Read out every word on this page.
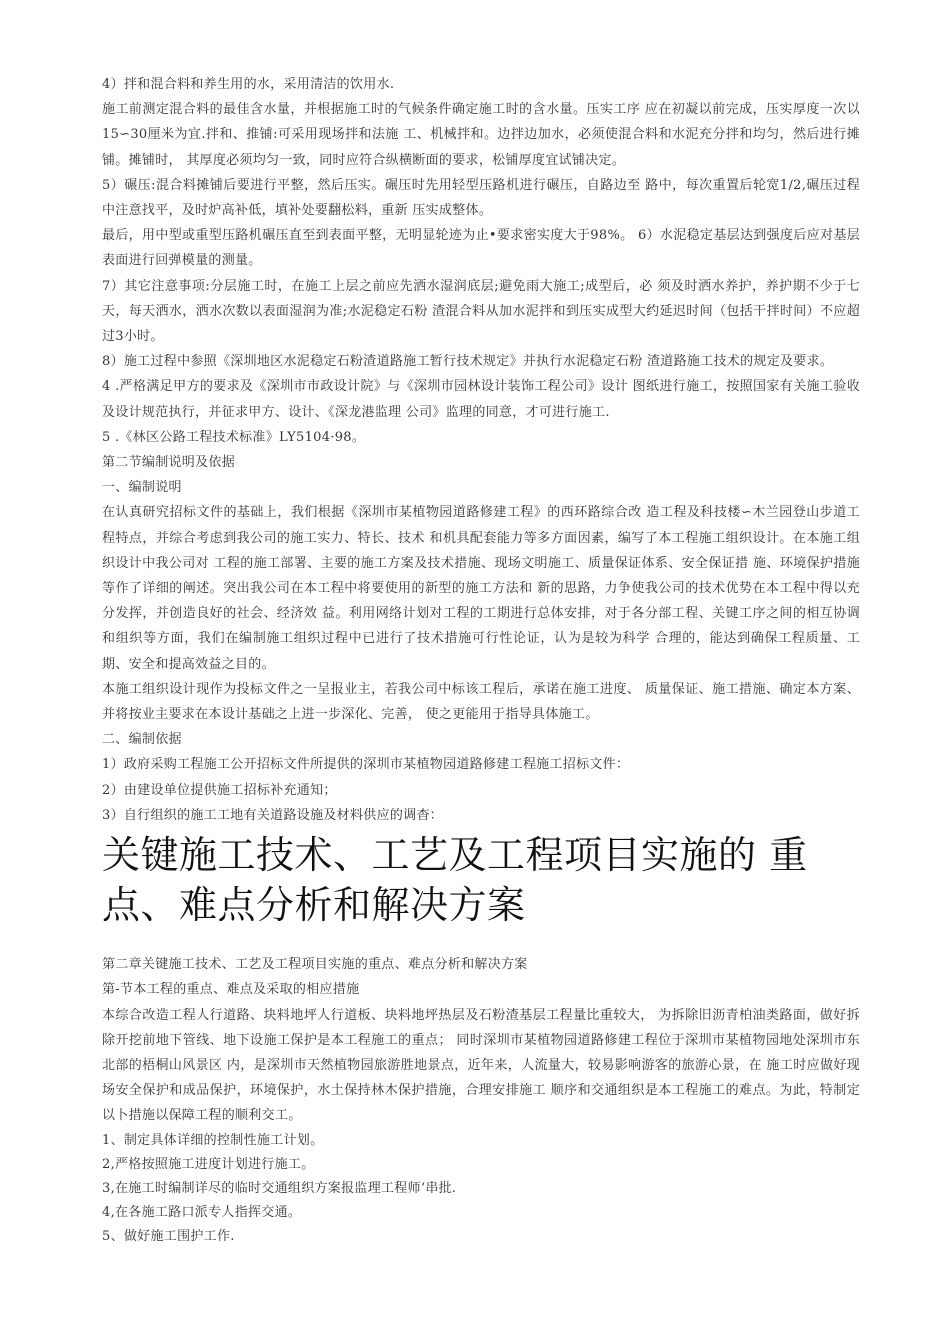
4）拌和混合料和养生用的水，采用清洁的饮用水.

施工前测定混合料的最佳含水量，并根据施工时的气候条件确定施工时的含水量。压实工序 应在初凝以前完成，压实厚度一次以15∽30厘米为宜.拌和、推铺:可采用现场拌和法施 工、机械拌和。边拌边加水，必须使混合料和水泥充分拌和均匀，然后进行摊铺。摊铺时， 其厚度必须均匀一致，同时应符合纵横断面的要求，松铺厚度宜试铺决定。

5）碾压:混合料摊铺后要进行平整，然后压实。碾压时先用轻型压路机进行碾压，自路边至 路中，每次重置后轮宽1/2,碾压过程中注意找平，及时炉高补低，填补处要翻松料，重新 压实成整体。

最后，用中型或重型压路机碾压直至到表面平整，无明显轮迹为止•要求密实度大于98%。 6）水泥稳定基层达到强度后应对基层表面进行回弹模量的测量。

7）其它注意事项:分层施工时，在施工上层之前应先洒水湿润底层;避免雨大施工;成型后，必 须及时洒水养护，养护期不少于七天，每天洒水，洒水次数以表面湿润为准;水泥稳定石粉 渣混合料从加水泥拌和到压实成型大约延迟时间（包括干拌时间）不应超过3小时。

8）施工过程中参照《深圳地区水泥稳定石粉渣道路施工暂行技术规定》并执行水泥稳定石粉 渣道路施工技术的规定及要求。

4 .严格满足甲方的要求及《深圳市市政设计院》与《深圳市园林设计装饰工程公司》设计 图纸进行施工，按照国家有关施工验收及设计规范执行，并征求甲方、设计、《深龙港监理 公司》监理的同意，才可进行施工.

5 .《林区公路工程技术标准》LY5104·98。

第二节编制说明及依据

一、编制说明

在认真研究招标文件的基础上，我们根据《深圳市某植物园道路修建工程》的西环路综合改 造工程及科技楼∽木兰园登山步道工程特点，并综合考虑到我公司的施工实力、特长、技术 和机具配套能力等多方面因素，编写了本工程施工组织设计。在本施工组织设计中我公司对 工程的施工部署、主要的施工方案及技术措施、现场文明施工、质量保证体系、安全保证措 施、环境保护措施等作了详细的阐述。突出我公司在本工程中将要使用的新型的施工方法和 新的思路，力争使我公司的技术优势在本工程中得以充分发挥，并创造良好的社会、经济效 益。利用网络计划对工程的工期进行总体安排，对于各分部工程、关键工序之间的相互协调 和组织等方面，我们在编制施工组织过程中已进行了技术措施可行性论证，认为是较为科学 合理的，能达到确保工程质量、工期、安全和提高效益之目的。

本施工组织设计现作为投标文件之一呈报业主，若我公司中标该工程后，承诺在施工进度、 质量保证、施工措施、确定本方案、并将按业主要求在本设计基础之上进一步深化、完善， 使之更能用于指导具体施工。

二、编制依据

1）政府采购工程施工公开招标文件所提供的深圳市某植物园道路修建工程施工招标文件：

2）由建设单位提供施工招标补充通知；

3）自行组织的施工工地有关道路设施及材料供应的调杳：

关键施工技术、工艺及工程项目实施的 重点、难点分析和解决方案

第二章关键施工技术、工艺及工程项目实施的重点、难点分析和解决方案

第-节本工程的重点、难点及采取的相应措施

本综合改造工程人行道路、块料地坪人行道板、块料地坪热层及石粉渣基层工程量比重较大， 为拆除旧沥青柏油类路面，做好拆除开挖前地下管线、地下设施工保护是本工程施工的重点； 同时深圳市某植物园道路修建工程位于深圳市某植物园地处深圳市东北部的梧桐山风景区 内，是深圳市天然植物园旅游胜地景点，近年来，人流量大，较易影响游客的旅游心景，在 施工时应做好现场安全保护和成品保护，环境保护，水土保持林木保护措施，合理安排施工 顺序和交通组织是本工程施工的难点。为此，特制定以卜措施以保障工程的顺利交工。

1、制定具体详细的控制性施工计划。

2,严格按照施工进度计划进行施工。

3,在施工时编制详尽的临时交通组织方案报监理工程师‘串批.

4,在各施工路口派专人指挥交通。

5、做好施工围护工作.
